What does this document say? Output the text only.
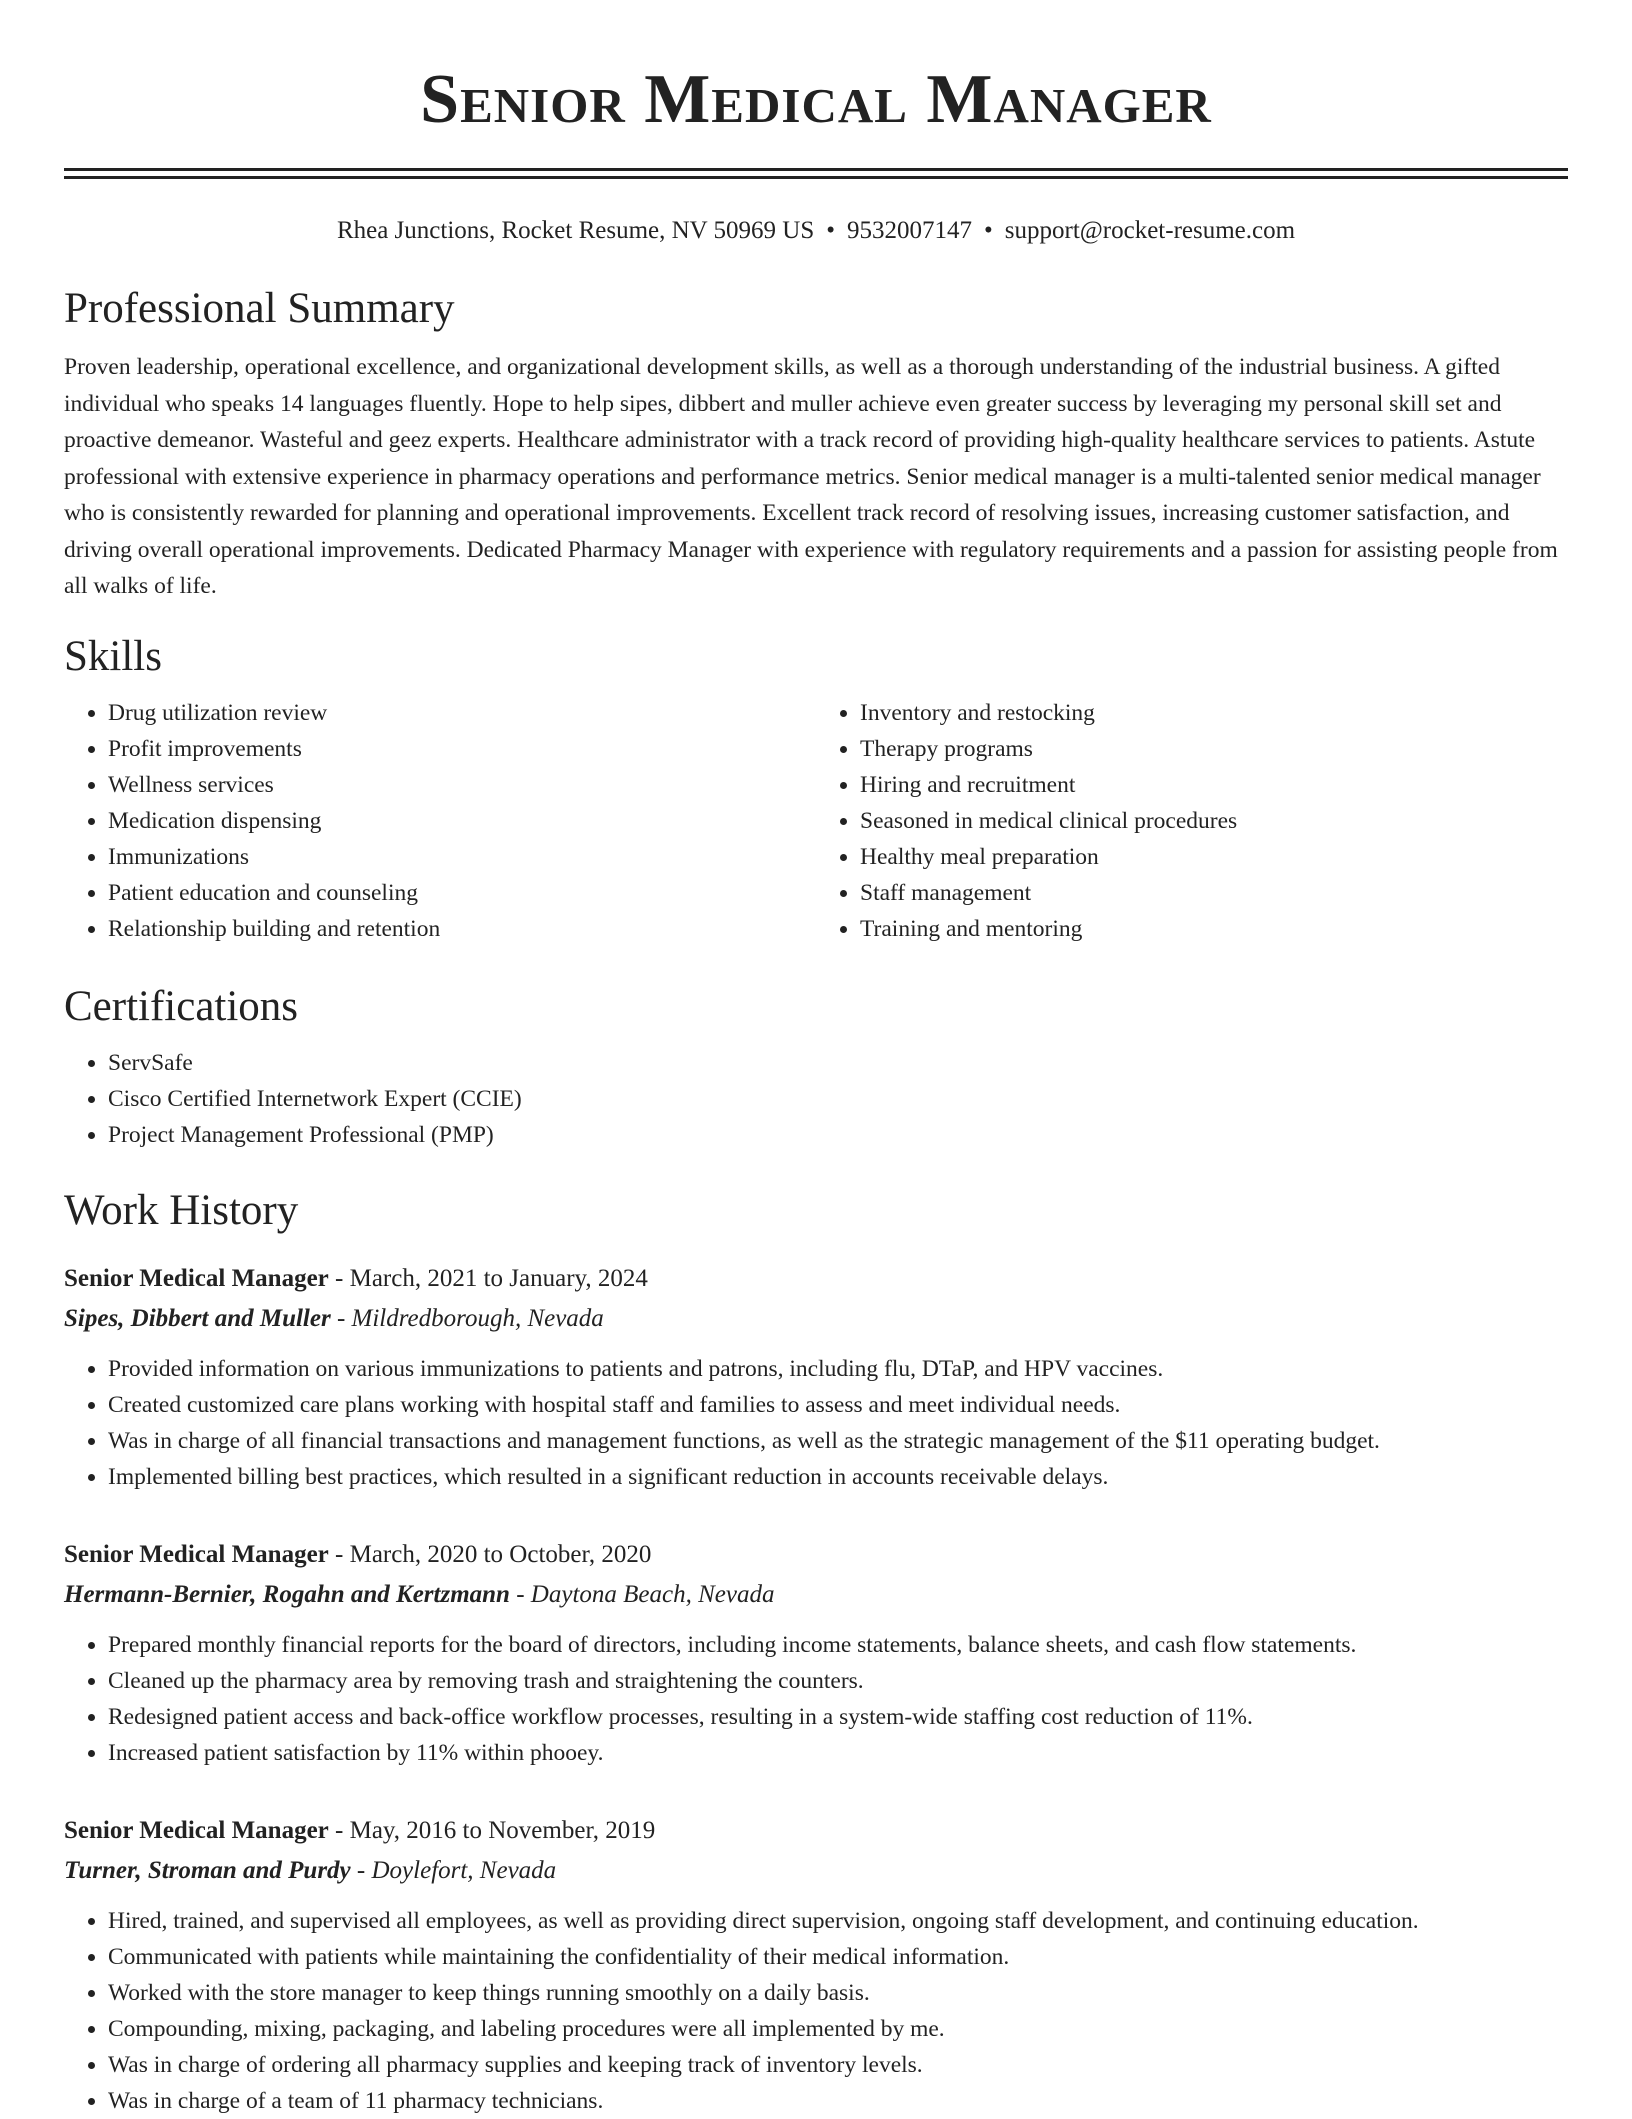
Senior Medical Manager
Rhea Junctions, Rocket Resume, NV 50969 US • 9532007147 • support@rocket-resume.com
Professional Summary

Proven leadership, operational excellence, and organizational development skills, as well as a thorough understanding of the industrial business. A gifted individual who speaks 14 languages fluently. Hope to help sipes, dibbert and muller achieve even greater success by leveraging my personal skill set and proactive demeanor. Wasteful and geez experts. Healthcare administrator with a track record of providing high-quality healthcare services to patients. Astute professional with extensive experience in pharmacy operations and performance metrics. Senior medical manager is a multi-talented senior medical manager who is consistently rewarded for planning and operational improvements. Excellent track record of resolving issues, increasing customer satisfaction, and driving overall operational improvements. Dedicated Pharmacy Manager with experience with regulatory requirements and a passion for assisting people from all walks of life.

Skills
• Drug utilization review
• Profit improvements
• Wellness services
• Medication dispensing
• Immunizations
• Patient education and counseling
• Relationship building and retention
• Inventory and restocking
• Therapy programs
• Hiring and recruitment
• Seasoned in medical clinical procedures
• Healthy meal preparation
• Staff management
• Training and mentoring
Certifications
• ServSafe
• Cisco Certified Internetwork Expert (CCIE)
• Project Management Professional (PMP)
Work History
Senior Medical Manager - March, 2021 to January, 2024
Sipes, Dibbert and Muller - Mildredborough, Nevada
• Provided information on various immunizations to patients and patrons, including flu, DTaP, and HPV vaccines.
• Created customized care plans working with hospital staff and families to assess and meet individual needs.
• Was in charge of all financial transactions and management functions, as well as the strategic management of the $11 operating budget.
• Implemented billing best practices, which resulted in a significant reduction in accounts receivable delays.
Senior Medical Manager - March, 2020 to October, 2020
Hermann-Bernier, Rogahn and Kertzmann - Daytona Beach, Nevada
• Prepared monthly financial reports for the board of directors, including income statements, balance sheets, and cash flow statements.
• Cleaned up the pharmacy area by removing trash and straightening the counters.
• Redesigned patient access and back-office workflow processes, resulting in a system-wide staffing cost reduction of 11%.
• Increased patient satisfaction by 11% within phooey.
Senior Medical Manager - May, 2016 to November, 2019
Turner, Stroman and Purdy - Doylefort, Nevada
• Hired, trained, and supervised all employees, as well as providing direct supervision, ongoing staff development, and continuing education.
• Communicated with patients while maintaining the confidentiality of their medical information.
• Worked with the store manager to keep things running smoothly on a daily basis.
• Compounding, mixing, packaging, and labeling procedures were all implemented by me.
• Was in charge of ordering all pharmacy supplies and keeping track of inventory levels.
• Was in charge of a team of 11 pharmacy technicians.
